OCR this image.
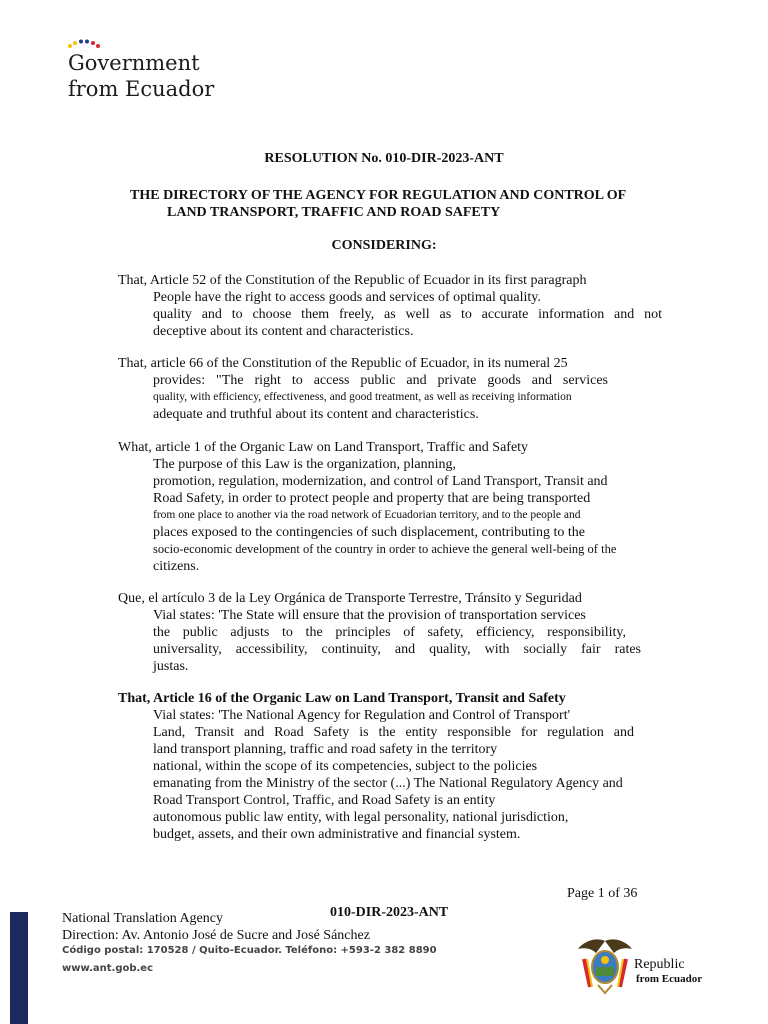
Government
from Ecuador
RESOLUTION No. 010-DIR-2023-ANT
THE DIRECTORY OF THE AGENCY FOR REGULATION AND CONTROL OF
LAND TRANSPORT, TRAFFIC AND ROAD SAFETY
CONSIDERING:
That, Article 52 of the Constitution of the Republic of Ecuador in its first paragraph
People have the right to access goods and services of optimal quality.
quality and to choose them freely, as well as to accurate information and not
deceptive about its content and characteristics.
That, article 66 of the Constitution of the Republic of Ecuador, in its numeral 25
provides: "The right to access public and private goods and services
quality, with efficiency, effectiveness, and good treatment, as well as receiving information
adequate and truthful about its content and characteristics.
What, article 1 of the Organic Law on Land Transport, Traffic and Safety
The purpose of this Law is the organization, planning,
promotion, regulation, modernization, and control of Land Transport, Transit and
Road Safety, in order to protect people and property that are being transported
from one place to another via the road network of Ecuadorian territory, and to the people and
places exposed to the contingencies of such displacement, contributing to the
socio-economic development of the country in order to achieve the general well-being of the
citizens.
Que, el artículo 3 de la Ley Orgánica de Transporte Terrestre, Tránsito y Seguridad
Vial states: 'The State will ensure that the provision of transportation services
the public adjusts to the principles of safety, efficiency, responsibility,
universality, accessibility, continuity, and quality, with socially fair rates
justas.
That, Article 16 of the Organic Law on Land Transport, Transit and Safety
Vial states: 'The National Agency for Regulation and Control of Transport'
Land, Transit and Road Safety is the entity responsible for regulation and
land transport planning, traffic and road safety in the territory
national, within the scope of its competencies, subject to the policies
emanating from the Ministry of the sector (...) The National Regulatory Agency and
Road Transport Control, Traffic, and Road Safety is an entity
autonomous public law entity, with legal personality, national jurisdiction,
budget, assets, and their own administrative and financial system.
Page 1 of 36
010-DIR-2023-ANT
National Translation Agency
Direction: Av. Antonio José de Sucre and José Sánchez
Código postal: 170528 / Quito-Ecuador. Teléfono: +593-2 382 8890
www.ant.gob.ec	Republic
from Ecuador
